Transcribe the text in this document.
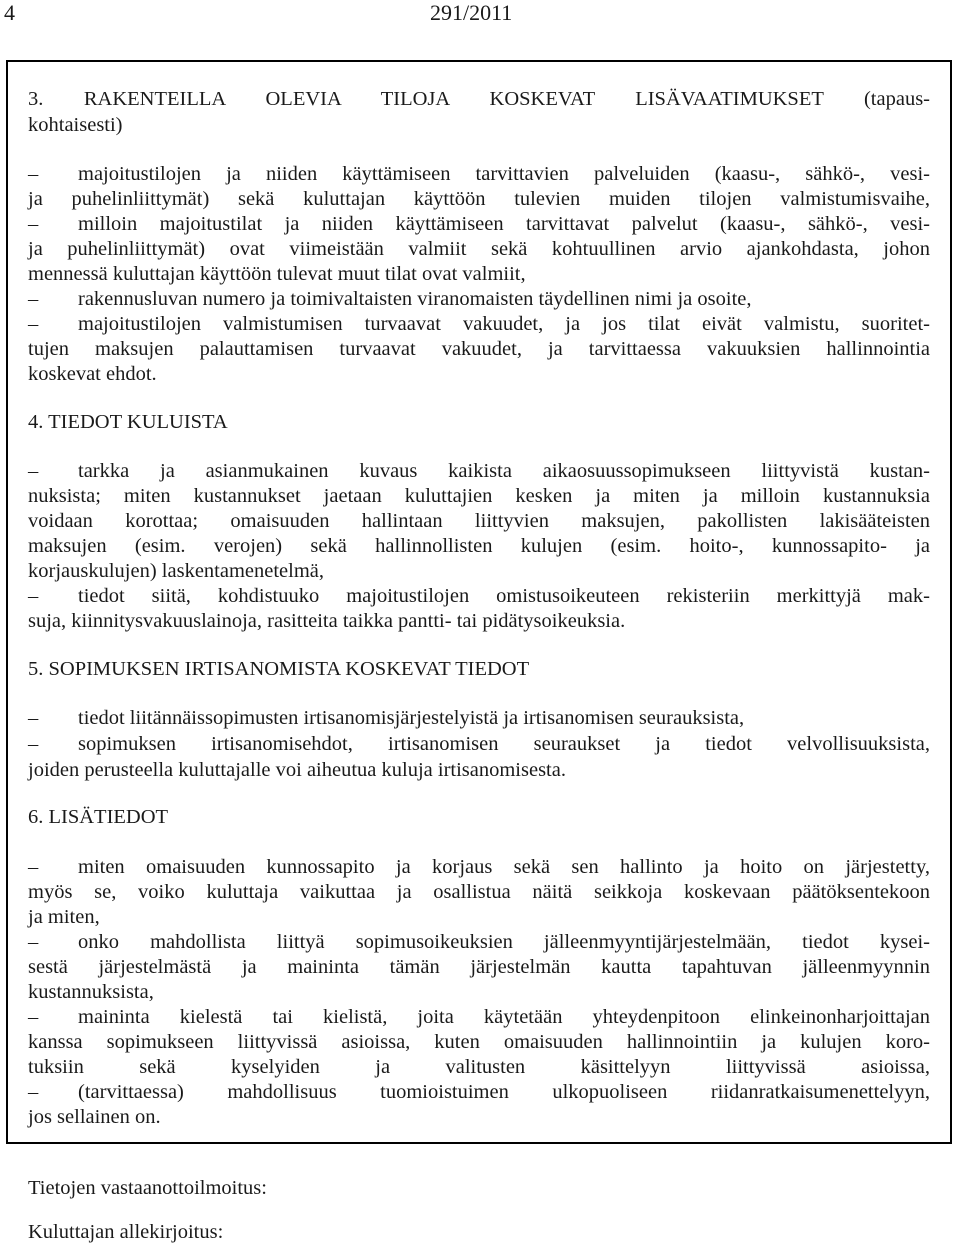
4	291/2011
3. RAKENTEILLA OLEVIA TILOJA KOSKEVAT LISÄVAATIMUKSET (tapaus-
kohtaisesti)
– majoitustilojen ja niiden käyttämiseen tarvittavien palveluiden (kaasu-, sähkö-, vesi-
ja puhelinliittymät) sekä kuluttajan käyttöön tulevien muiden tilojen valmistumisvaihe,
– milloin majoitustilat ja niiden käyttämiseen tarvittavat palvelut (kaasu-, sähkö-, vesi-
ja puhelinliittymät) ovat viimeistään valmiit sekä kohtuullinen arvio ajankohdasta, johon
mennessä kuluttajan käyttöön tulevat muut tilat ovat valmiit,
– rakennusluvan numero ja toimivaltaisten viranomaisten täydellinen nimi ja osoite,
– majoitustilojen valmistumisen turvaavat vakuudet, ja jos tilat eivät valmistu, suoritet-
tujen maksujen palauttamisen turvaavat vakuudet, ja tarvittaessa vakuuksien hallinnointia
koskevat ehdot.
4. TIEDOT KULUISTA
– tarkka ja asianmukainen kuvaus kaikista aikaosuussopimukseen liittyvistä kustan-
nuksista; miten kustannukset jaetaan kuluttajien kesken ja miten ja milloin kustannuksia
voidaan korottaa; omaisuuden hallintaan liittyvien maksujen, pakollisten lakisääteisten
maksujen (esim. verojen) sekä hallinnollisten kulujen (esim. hoito-, kunnossapito- ja
korjauskulujen) laskentamenetelmä,
– tiedot siitä, kohdistuuko majoitustilojen omistusoikeuteen rekisteriin merkittyjä mak-
suja, kiinnitysvakuuslainoja, rasitteita taikka pantti- tai pidätysoikeuksia.
5. SOPIMUKSEN IRTISANOMISTA KOSKEVAT TIEDOT
– tiedot liitännäissopimusten irtisanomisjärjestelyistä ja irtisanomisen seurauksista,
– sopimuksen irtisanomisehdot, irtisanomisen seuraukset ja tiedot velvollisuuksista,
joiden perusteella kuluttajalle voi aiheutua kuluja irtisanomisesta.
6. LISÄTIEDOT
– miten omaisuuden kunnossapito ja korjaus sekä sen hallinto ja hoito on järjestetty,
myös se, voiko kuluttaja vaikuttaa ja osallistua näitä seikkoja koskevaan päätöksentekoon
ja miten,
– onko mahdollista liittyä sopimusoikeuksien jälleenmyyntijärjestelmään, tiedot kysei-
sestä järjestelmästä ja maininta tämän järjestelmän kautta tapahtuvan jälleenmyynnin
kustannuksista,
– maininta kielestä tai kielistä, joita käytetään yhteydenpitoon elinkeinonharjoittajan
kanssa sopimukseen liittyvissä asioissa, kuten omaisuuden hallinnointiin ja kulujen koro-
tuksiin sekä kyselyiden ja valitusten käsittelyyn liittyvissä asioissa,
– (tarvittaessa) mahdollisuus tuomioistuimen ulkopuoliseen riidanratkaisumenettelyyn,
jos sellainen on.
Tietojen vastaanottoilmoitus:
Kuluttajan allekirjoitus:
